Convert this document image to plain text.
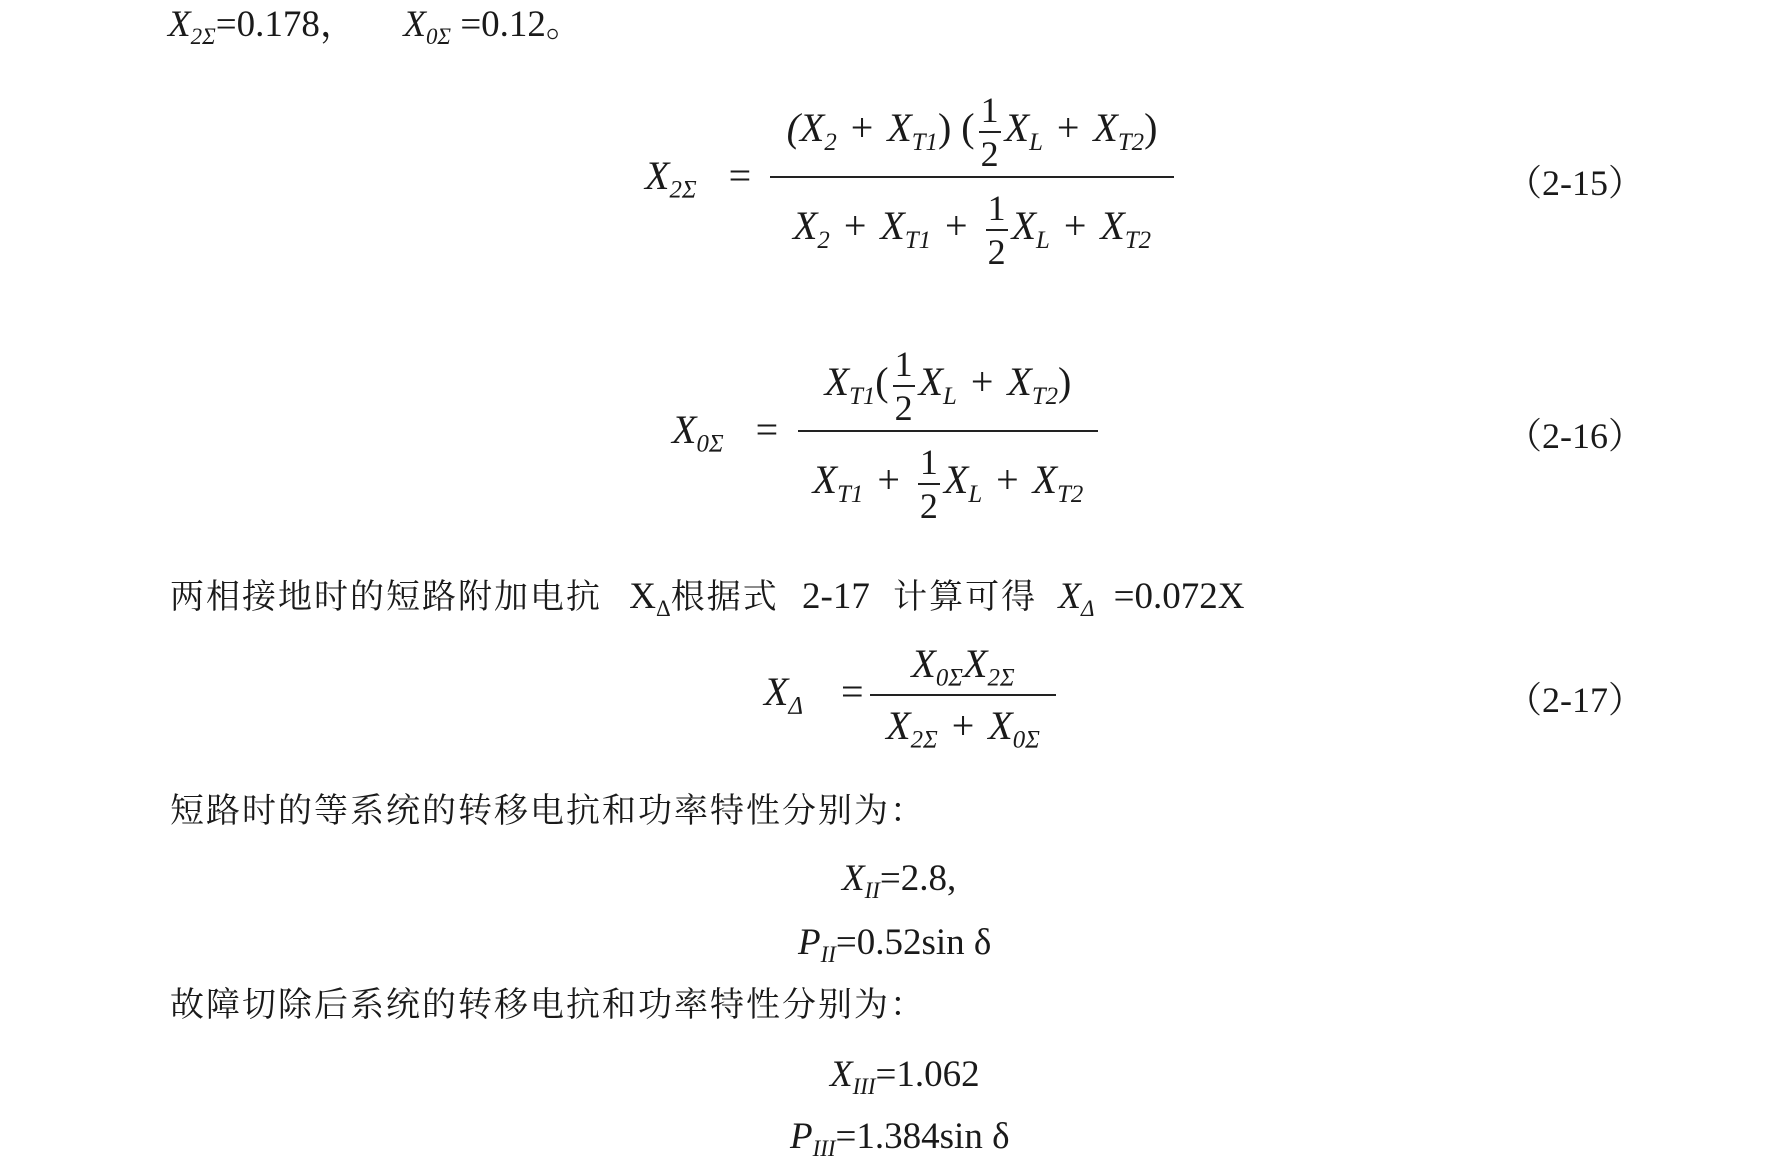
$X_{2\Sigma}=0.178$， $X_{0\Sigma} =0.12$。
$X_{2\Sigma}$ =
$(X_2 + X_{T1})$ ( $\frac{1}{2} X_L + X_{T2}$)
$X_2 + X_{T1} + \frac{1}{2} X_L + X_{T2}$
（2-15）
$X_{0\Sigma}$ =
$X_{T1}( \frac{1}{2} X_L + X_{T2})$
$X_{T1} + \frac{1}{2} X_L + X_{T2}$
（2-16）
两相接地时的短路附加电抗 $X_\Delta$根据式 2-17 计算可得 $X_\Delta =0.072X$
$X_\Delta$ =
$X_{0\Sigma}X_{2\Sigma}$
$X_{2\Sigma} + X_{0\Sigma}$
（2-17）
短路时的等系统的转移电抗和功率特性分别为：
$X_{II}=2.8$,
$P_{II}=0.52\sin$ δ
故障切除后系统的转移电抗和功率特性分别为：
$X_{III}=1.062$
$P_{III}=1.384\sin$ δ
